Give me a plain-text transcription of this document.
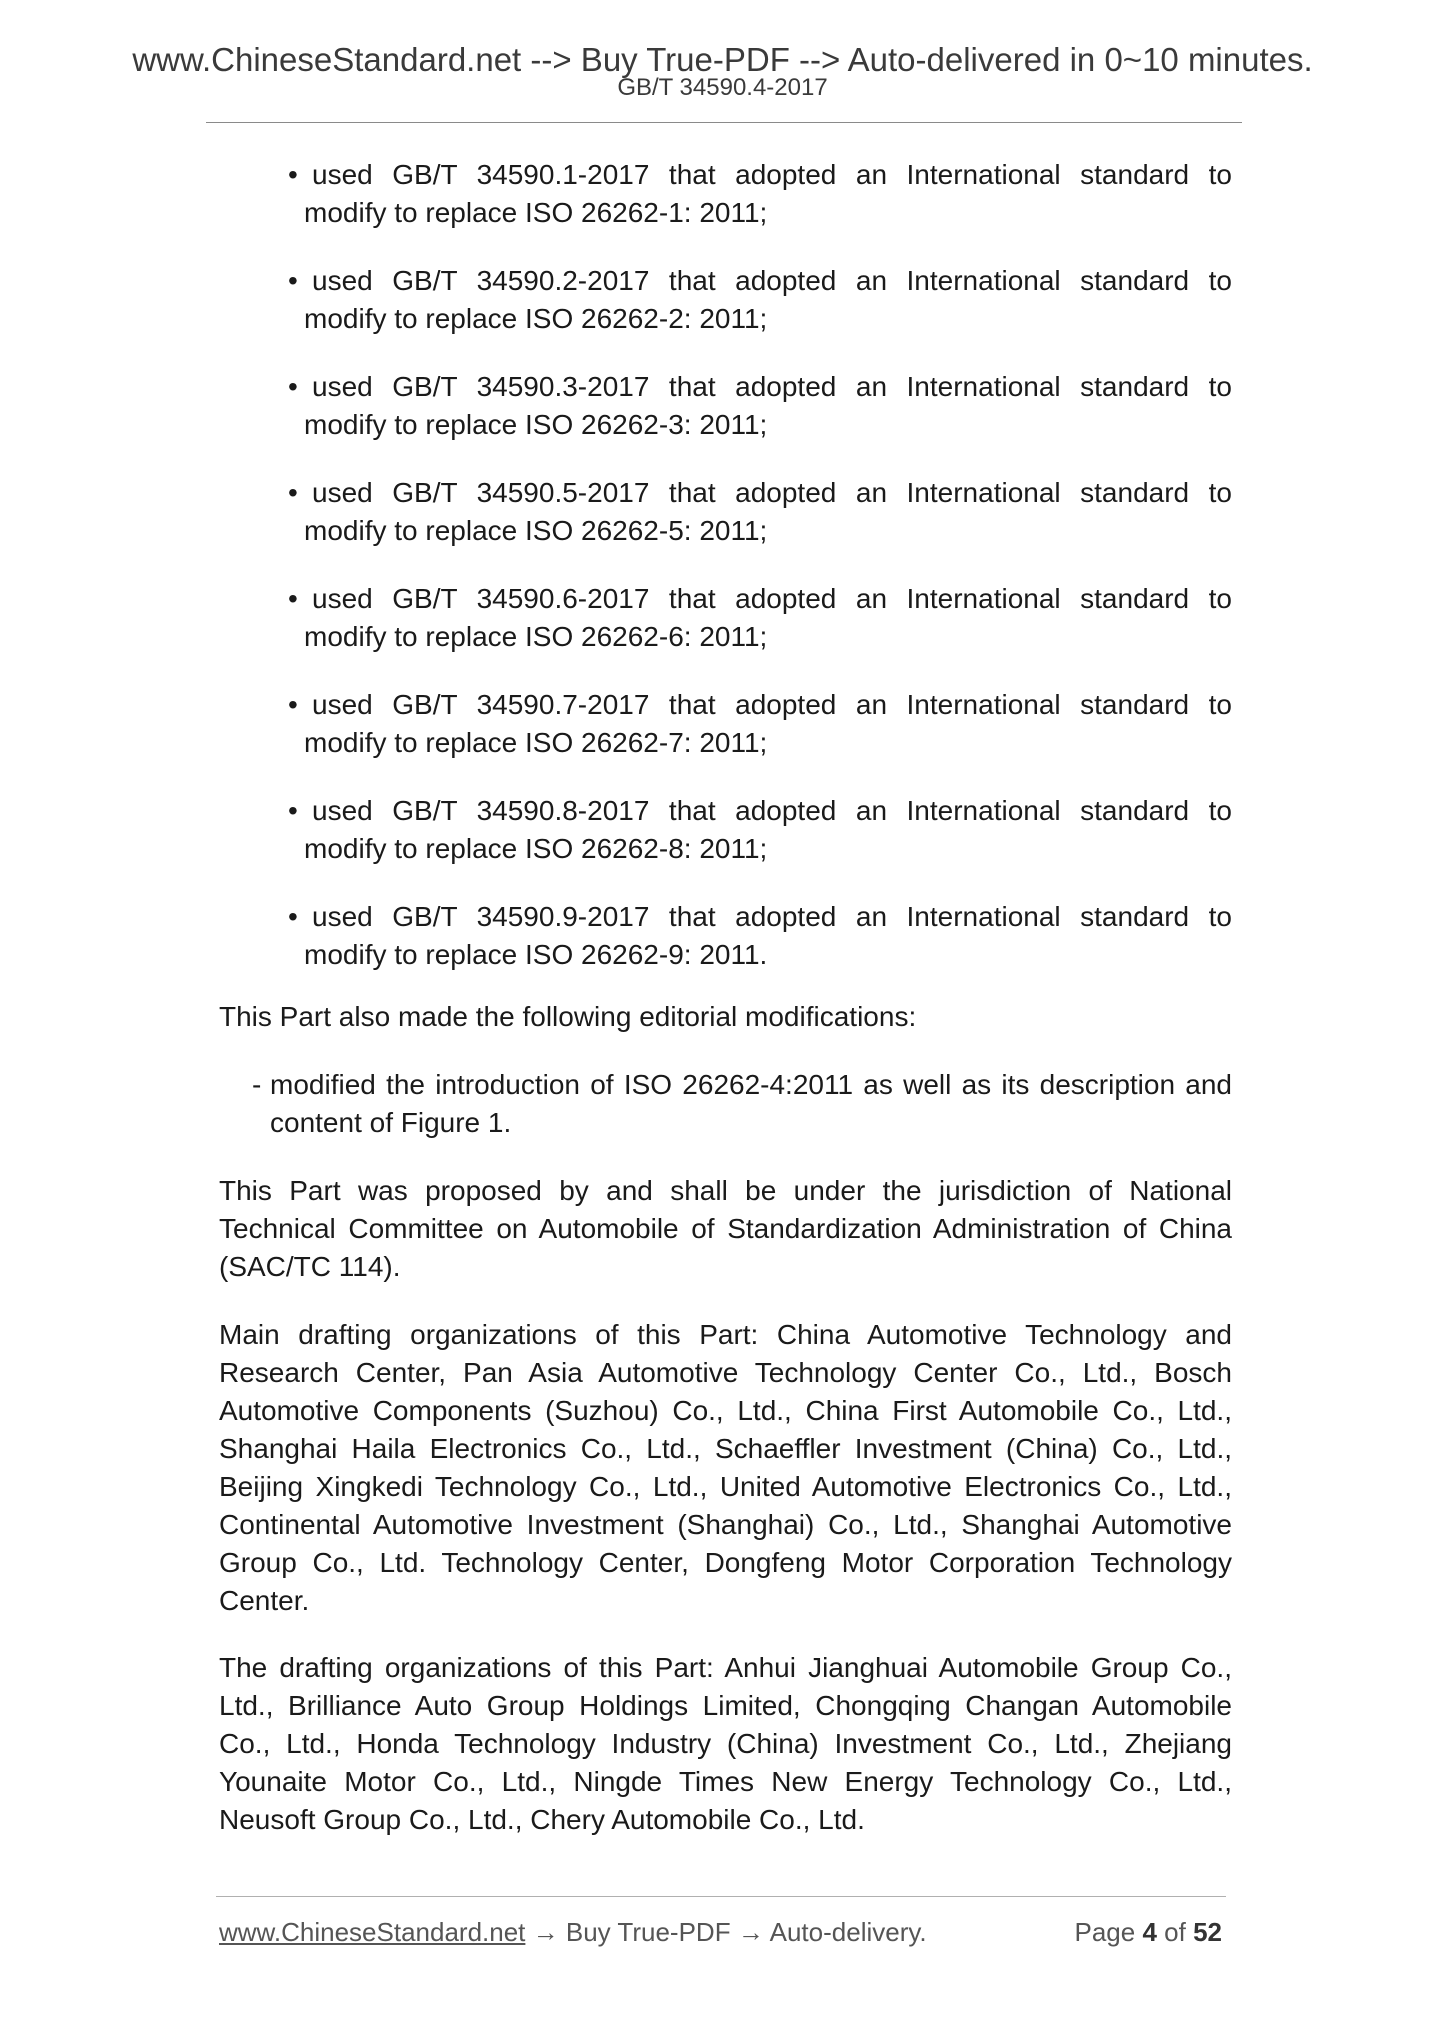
www.ChineseStandard.net --> Buy True-PDF --> Auto-delivered in 0~10 minutes.
GB/T 34590.4-2017
• used GB/T 34590.1-2017 that adopted an International standard to
modify to replace ISO 26262-1: 2011;
• used GB/T 34590.2-2017 that adopted an International standard to
modify to replace ISO 26262-2: 2011;
• used GB/T 34590.3-2017 that adopted an International standard to
modify to replace ISO 26262-3: 2011;
• used GB/T 34590.5-2017 that adopted an International standard to
modify to replace ISO 26262-5: 2011;
• used GB/T 34590.6-2017 that adopted an International standard to
modify to replace ISO 26262-6: 2011;
• used GB/T 34590.7-2017 that adopted an International standard to
modify to replace ISO 26262-7: 2011;
• used GB/T 34590.8-2017 that adopted an International standard to
modify to replace ISO 26262-8: 2011;
• used GB/T 34590.9-2017 that adopted an International standard to
modify to replace ISO 26262-9: 2011.
This Part also made the following editorial modifications:
- modified the introduction of ISO 26262-4:2011 as well as its description and
content of Figure 1.
This Part was proposed by and shall be under the jurisdiction of National Technical Committee on Automobile of Standardization Administration of China (SAC/TC 114).
Main drafting organizations of this Part: China Automotive Technology and Research Center, Pan Asia Automotive Technology Center Co., Ltd., Bosch Automotive Components (Suzhou) Co., Ltd., China First Automobile Co., Ltd., Shanghai Haila Electronics Co., Ltd., Schaeffler Investment (China) Co., Ltd., Beijing Xingkedi Technology Co., Ltd., United Automotive Electronics Co., Ltd., Continental Automotive Investment (Shanghai) Co., Ltd., Shanghai Automotive Group Co., Ltd. Technology Center, Dongfeng Motor Corporation Technology Center.
The drafting organizations of this Part: Anhui Jianghuai Automobile Group Co., Ltd., Brilliance Auto Group Holdings Limited, Chongqing Changan Automobile Co., Ltd., Honda Technology Industry (China) Investment Co., Ltd., Zhejiang Younaite Motor Co., Ltd., Ningde Times New Energy Technology Co., Ltd., Neusoft Group Co., Ltd., Chery Automobile Co., Ltd.
www.ChineseStandard.net → Buy True-PDF → Auto-delivery.	Page 4 of 52
